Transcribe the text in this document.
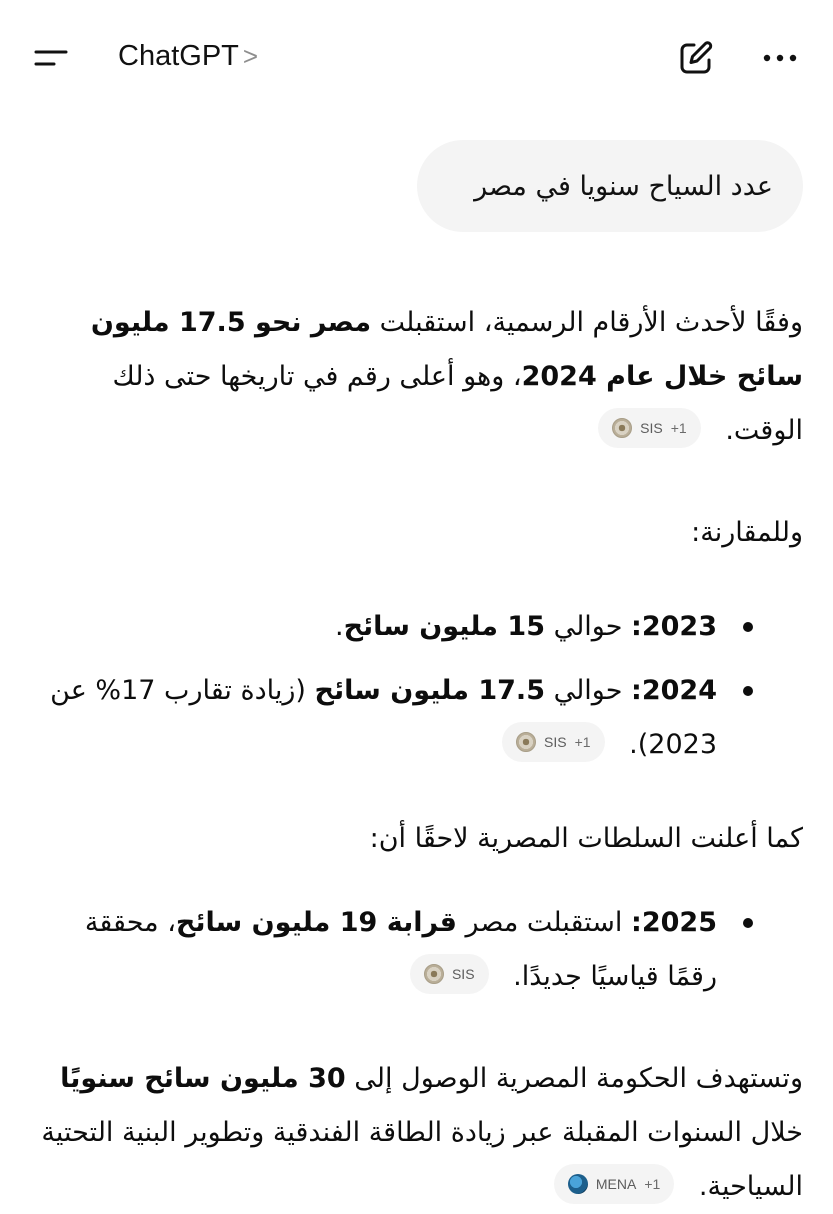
ChatGPT >
عدد السياح سنويا في مصر

وفقًا لأحدث الأرقام الرسمية، استقبلت مصر نحو 17.5 مليون سائح خلال عام 2024، وهو أعلى رقم في تاريخها حتى ذلك الوقت.
SIS +1

وللمقارنة:

2023: حوالي 15 مليون سائح.
2024: حوالي 17.5 مليون سائح (زيادة تقارب 17% عن 2023).
SIS +1

كما أعلنت السلطات المصرية لاحقًا أن:

2025: استقبلت مصر قرابة 19 مليون سائح، محققة رقمًا قياسيًا جديدًا.
SIS

وتستهدف الحكومة المصرية الوصول إلى 30 مليون سائح سنويًا خلال السنوات المقبلة عبر زيادة الطاقة الفندقية وتطوير البنية التحتية السياحية.
MENA +1
